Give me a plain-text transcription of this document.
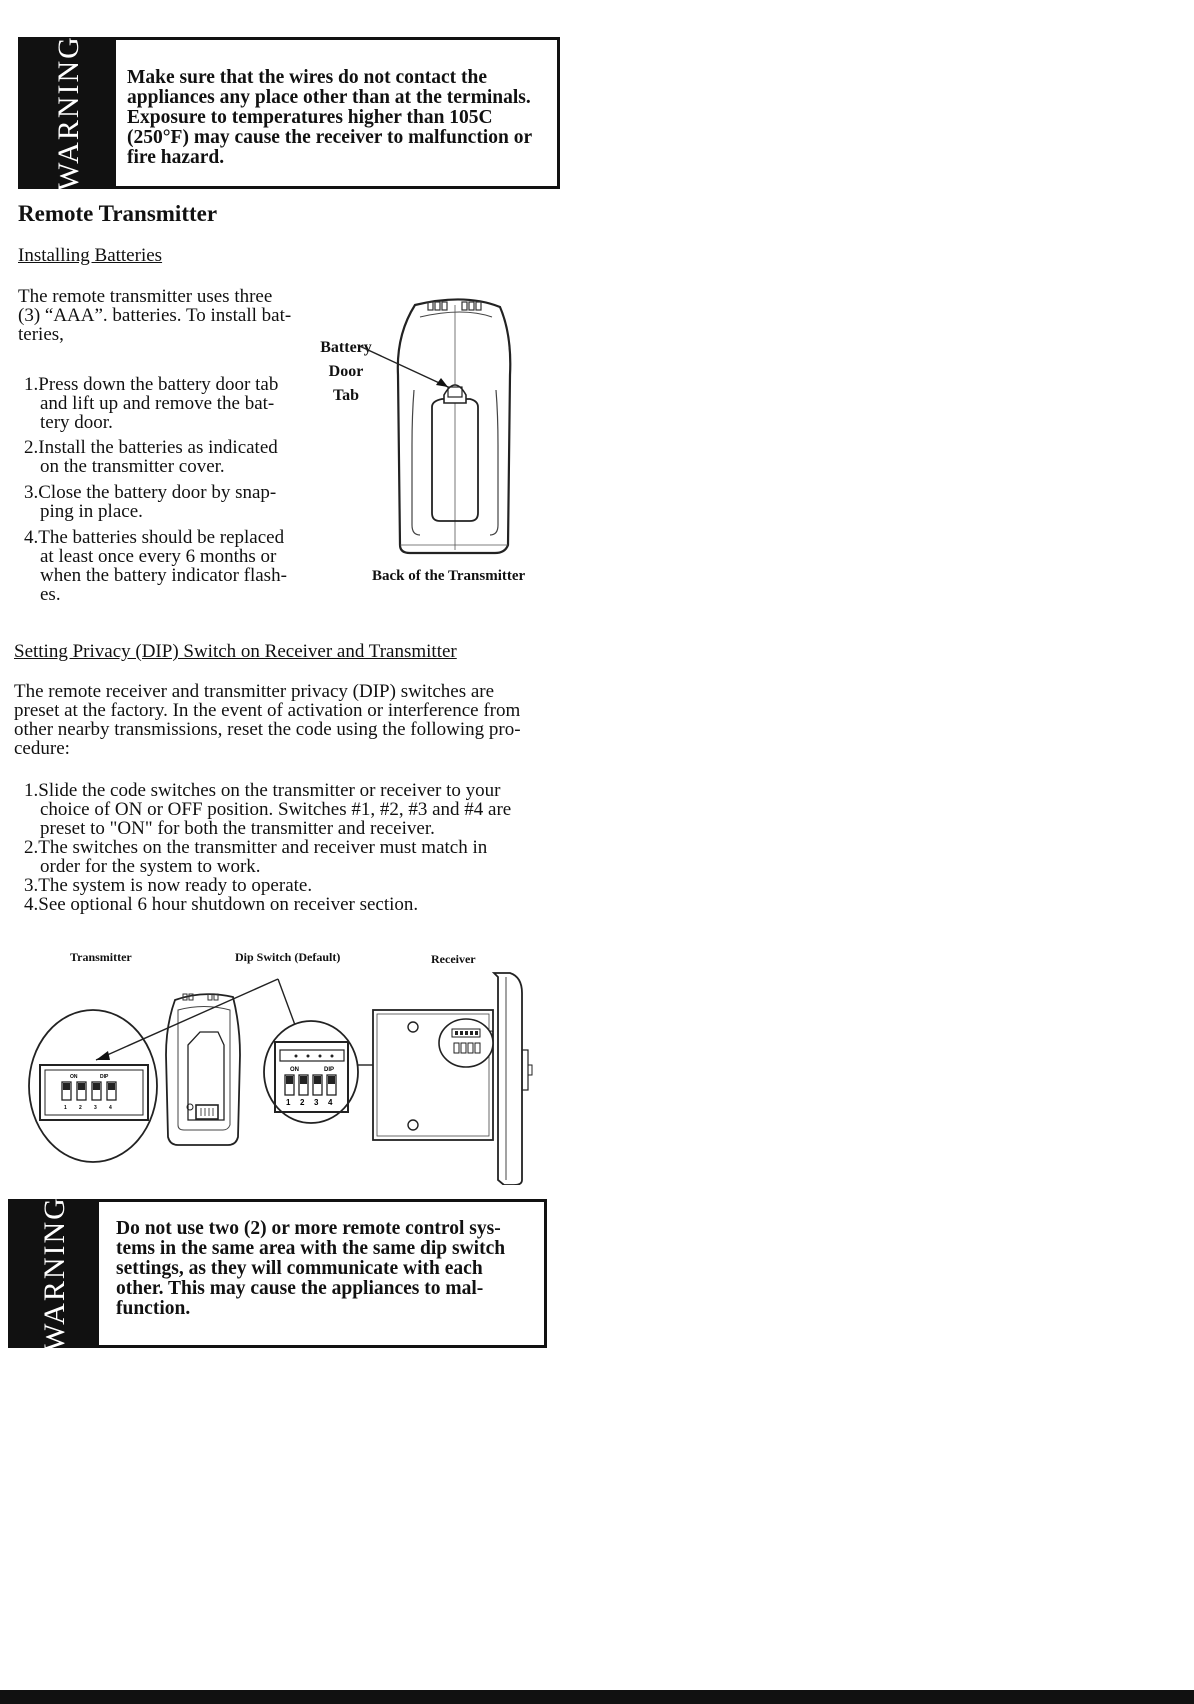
WARNING Make sure that the wires do not contact the
appliances any place other than at the terminals.
Exposure to temperatures higher than 105C
(250°F) may cause the receiver to malfunction or
fire hazard.
Remote Transmitter
Installing Batteries
The remote transmitter uses three
(3) “AAA”. batteries. To install bat-
teries,
1.Press down the battery door tab
and lift up and remove the bat-
tery door.
2.Install the batteries as indicated
on the transmitter cover.
3.Close the battery door by snap-
ping in place.
4.The batteries should be replaced
at least once every 6 months or
when the battery indicator flash-
es.
Battery
Door
Tab
Back of the Transmitter
Setting Privacy (DIP) Switch on Receiver and Transmitter
The remote receiver and transmitter privacy (DIP) switches are
preset at the factory. In the event of activation or interference from
other nearby transmissions, reset the code using the following pro-
cedure:
1.Slide the code switches on the transmitter or receiver to your
choice of ON or OFF position. Switches #1, #2, #3 and #4 are
preset to "ON" for both the transmitter and receiver.
2.The switches on the transmitter and receiver must match in
order for the system to work.
3.The system is now ready to operate.
4.See optional 6 hour shutdown on receiver section.
Transmitter	Dip Switch (Default)	Receiver
ON	DIP
1 2 3 4
ON	DIP
1 2 3 4
WARNING Do not use two (2) or more remote control sys-
tems in the same area with the same dip switch
settings, as they will communicate with each
other. This may cause the appliances to mal-
function.
